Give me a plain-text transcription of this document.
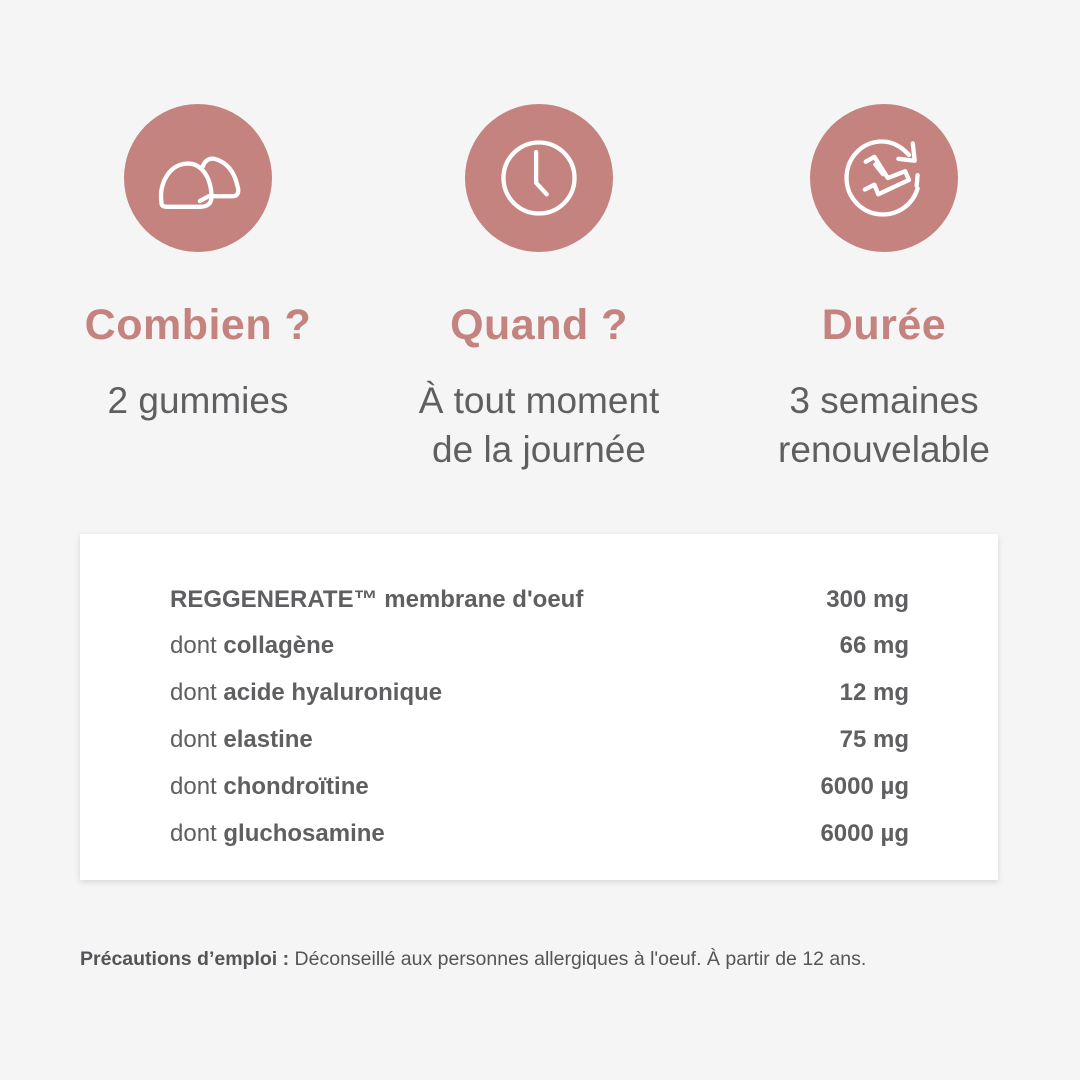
Combien ?
2 gummies
Quand ?
À tout moment
de la journée
Durée
3 semaines
renouvelable
REGGENERATE™ membrane d'oeuf	300 mg
dont collagène	66 mg
dont acide hyaluronique	12 mg
dont elastine	75 mg
dont chondroïtine	6000 µg
dont gluchosamine	6000 µg
Précautions d’emploi : Déconseillé aux personnes allergiques à l'oeuf. À partir de 12 ans.
